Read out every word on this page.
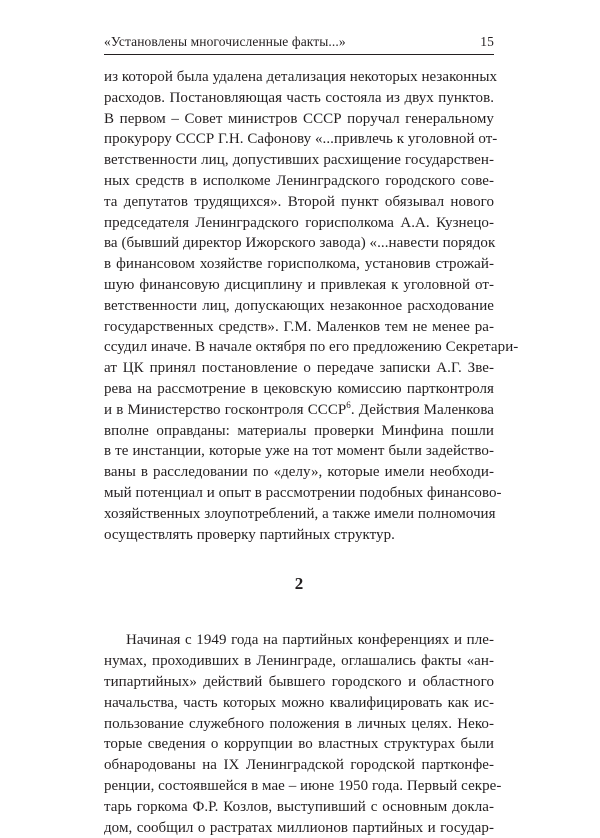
«Установлены многочисленные факты...»	15
из которой была удалена детализация некоторых незаконных
расходов. Постановляющая часть состояла из двух пунктов.
В первом – Совет министров СССР поручал генеральному
прокурору СССР Г.Н. Сафонову «...привлечь к уголовной от-
ветственности лиц, допустивших расхищение государствен-
ных средств в исполкоме Ленинградского городского сове-
та депутатов трудящихся». Второй пункт обязывал нового
председателя Ленинградского горисполкома А.А. Кузнецо-
ва (бывший директор Ижорского завода) «...навести порядок
в финансовом хозяйстве горисполкома, установив строжай-
шую финансовую дисциплину и привлекая к уголовной от-
ветственности лиц, допускающих незаконное расходование
государственных средств». Г.М. Маленков тем не менее ра-
ссудил иначе. В начале октября по его предложению Секретари-
ат ЦК принял постановление о передаче записки А.Г. Зве-
рева на рассмотрение в цековскую комиссию партконтроля
и в Министерство госконтроля СССР$^6$. Действия Маленкова
вполне оправданы: материалы проверки Минфина пошли
в те инстанции, которые уже на тот момент были задейство-
ваны в расследовании по «делу», которые имели необходи-
мый потенциал и опыт в рассмотрении подобных финансово-
хозяйственных злоупотреблений, а также имели полномочия
осуществлять проверку партийных структур.
2
Начиная с 1949 года на партийных конференциях и пле-
нумах, проходивших в Ленинграде, оглашались факты «ан-
типартийных» действий бывшего городского и областного
начальства, часть которых можно квалифицировать как ис-
пользование служебного положения в личных целях. Неко-
торые сведения о коррупции во властных структурах были
обнародованы на IX Ленинградской городской партконфе-
ренции, состоявшейся в мае – июне 1950 года. Первый секре-
тарь горкома Ф.Р. Козлов, выступивший с основным докла-
дом, сообщил о растратах миллионов партийных и государ-
